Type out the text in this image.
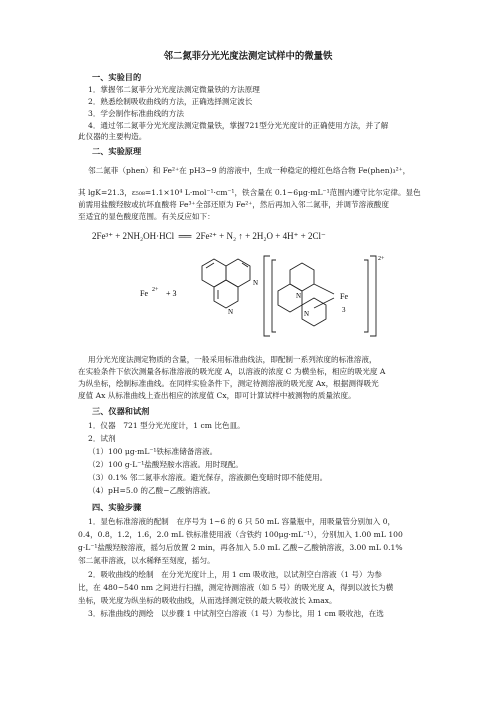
邻二氮菲分光光度法测定试样中的微量铁
一、实验目的
1．掌握邻二氮菲分光光度法测定微量铁的方法原理
2．熟悉绘制吸收曲线的方法，正确选择测定波长
3．学会制作标准曲线的方法
4．通过邻二氮菲分光光度法测定微量铁，掌握721型分光光度计的正确使用方法，并了解
此仪器的主要构造。
二、实验原理
邻二氮菲（phen）和 Fe²⁺在 pH3~9 的溶液中，生成一种稳定的橙红色络合物 Fe(phen)₃²⁺，
其 lgK=21.3，ε₅₀₈=1.1×10⁴ L·mol⁻¹·cm⁻¹，铁含量在 0.1~6μg·mL⁻¹范围内遵守比尔定律。显色
前需用盐酸羟胺或抗坏血酸将 Fe³⁺全部还原为 Fe²⁺，然后再加入邻二氮菲，并调节溶液酸度
至适宜的显色酸度范围。有关反应如下：
2Fe³⁺ + 2NH₂OH·HCl ══ 2Fe²⁺ + N₂ ↑ + 2H₂O + 4H⁺ + 2Cl⁻
Fe 2+ + 3
N
N
N
N
Fe
3
2+
用分光光度法测定物质的含量，一般采用标准曲线法，即配制一系列浓度的标准溶液，
在实验条件下依次测量各标准溶液的吸光度 A，以溶液的浓度 C 为横坐标，相应的吸光度 A
为纵坐标，绘制标准曲线。在同样实验条件下，测定待测溶液的吸光度 Ax，根据测得吸光
度值 Ax 从标准曲线上查出相应的浓度值 Cx，即可计算试样中被测物的质量浓度。
三、仪器和试剂
1．仪器　721 型分光光度计，1 cm 比色皿。
2．试剂
（1）100 μg·mL⁻¹铁标准储备溶液。
（2）100 g·L⁻¹盐酸羟胺水溶液。用时现配。
（3）0.1% 邻二氮菲水溶液。避光保存，溶液颜色变暗时即不能使用。
（4）pH=5.0 的乙酸−乙酸钠溶液。
四、实验步骤
1．显色标准溶液的配制　在序号为 1~6 的 6 只 50 mL 容量瓶中，用吸量管分别加入 0，
0.4，0.8，1.2，1.6，2.0 mL 铁标准使用液（含铁约 100μg·mL⁻¹），分别加入 1.00 mL 100
g·L⁻¹盐酸羟胺溶液，摇匀后放置 2 min，再各加入 5.0 mL 乙酸−乙酸钠溶液，3.00 mL 0.1%
邻二氮菲溶液，以水稀释至刻度，摇匀。
2．吸收曲线的绘制　在分光光度计上，用 1 cm 吸收池，以试剂空白溶液（1 号）为参
比，在 480~540 nm 之间进行扫描，测定待测溶液（如 5 号）的吸光度 A，得到以波长为横
坐标，吸光度为纵坐标的吸收曲线，从而选择测定铁的最大吸收波长 λmax。
3．标准曲线的测绘　以步骤 1 中试剂空白溶液（1 号）为参比，用 1 cm 吸收池，在选
